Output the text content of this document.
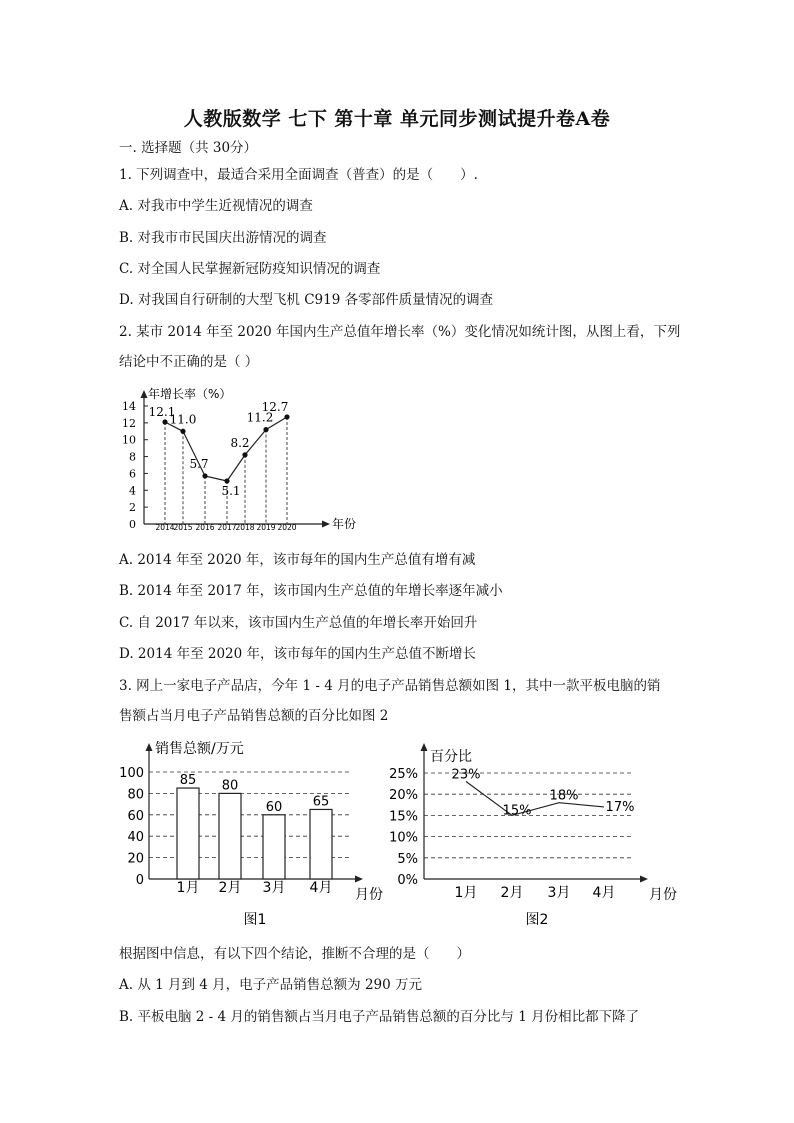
人教版数学 七下 第十章 单元同步测试提升卷A卷
一. 选择题（共 30分）
1. 下列调查中，最适合采用全面调查（普查）的是（　　）.
A. 对我市中学生近视情况的调查
B. 对我市市民国庆出游情况的调查
C. 对全国人民掌握新冠防疫知识情况的调查
D. 对我国自行研制的大型飞机 C919 各零部件质量情况的调查
2. 某市 2014 年至 2020 年国内生产总值年增长率（%）变化情况如统计图，从图上看，下列
结论中不正确的是（ ）
年增长率（%）
年份
0
2
4
6
8
10
12
14
2014
2015 2016 2017
2018 2019 2020
12.1
11.0
5.7
5.1
8.2
11.2
12.7
A. 2014 年至 2020 年，该市每年的国内生产总值有增有减
B. 2014 年至 2017 年，该市国内生产总值的年增长率逐年减小
C. 自 2017 年以来，该市国内生产总值的年增长率开始回升
D. 2014 年至 2020 年，该市每年的国内生产总值不断增长
3. 网上一家电子产品店，今年 1 - 4 月的电子产品销售总额如图 1，其中一款平板电脑的销
售额占当月电子产品销售总额的百分比如图 2
销售总额/万元
月份
0
20
40
60
80
100	85
1月
80
2月
60
3月
65
4月
图1
百分比
月份
0%
5%
10%
15%
20%
25%
1月 2月 3月 4月
23%
15%
18%
17%
图2
根据图中信息，有以下四个结论，推断不合理的是（　　）
A. 从 1 月到 4 月，电子产品销售总额为 290 万元
B. 平板电脑 2 - 4 月的销售额占当月电子产品销售总额的百分比与 1 月份相比都下降了
